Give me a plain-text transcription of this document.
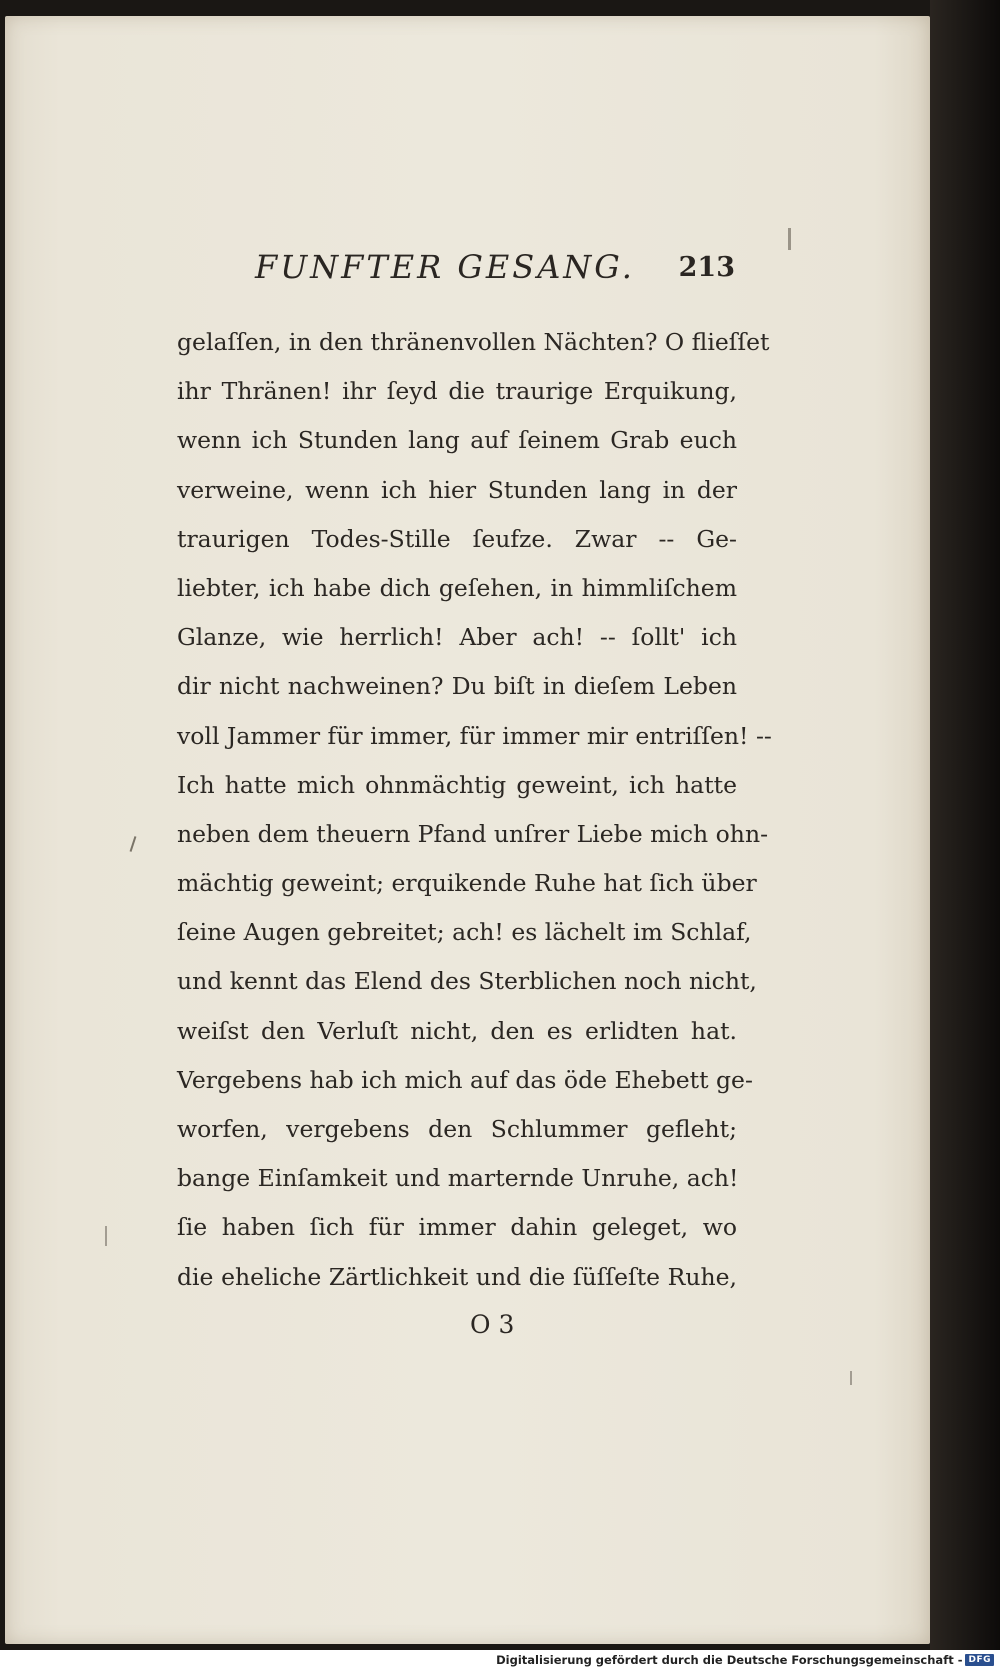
FUNFTER GESANG. 213
gelaſſen, in den thränenvollen Nächten? O flieſſet
ihr Thränen! ihr ſeyd die traurige Erquikung,
wenn ich Stunden lang auf ſeinem Grab euch
verweine, wenn ich hier Stunden lang in der
traurigen Todes-Stille ſeufze. Zwar -- Ge-
liebter, ich habe dich geſehen, in himmliſchem
Glanze, wie herrlich! Aber ach! -- ſollt' ich
dir nicht nachweinen? Du biſt in dieſem Leben
voll Jammer für immer, für immer mir entriſſen! --
Ich hatte mich ohnmächtig geweint, ich hatte
neben dem theuern Pfand unſrer Liebe mich ohn-
mächtig geweint; erquikende Ruhe hat ſich über
ſeine Augen gebreitet; ach! es lächelt im Schlaf,
und kennt das Elend des Sterblichen noch nicht,
weiſst den Verluſt nicht, den es erlidten hat.
Vergebens hab ich mich auf das öde Ehebett ge-
worfen, vergebens den Schlummer gefleht;
bange Einſamkeit und marternde Unruhe, ach!
ſie haben ſich für immer dahin geleget, wo
die eheliche Zärtlichkeit und die ſüſſeſte Ruhe,
O 3
Digitalisierung gefördert durch die Deutsche Forschungsgemeinschaft - DFG
